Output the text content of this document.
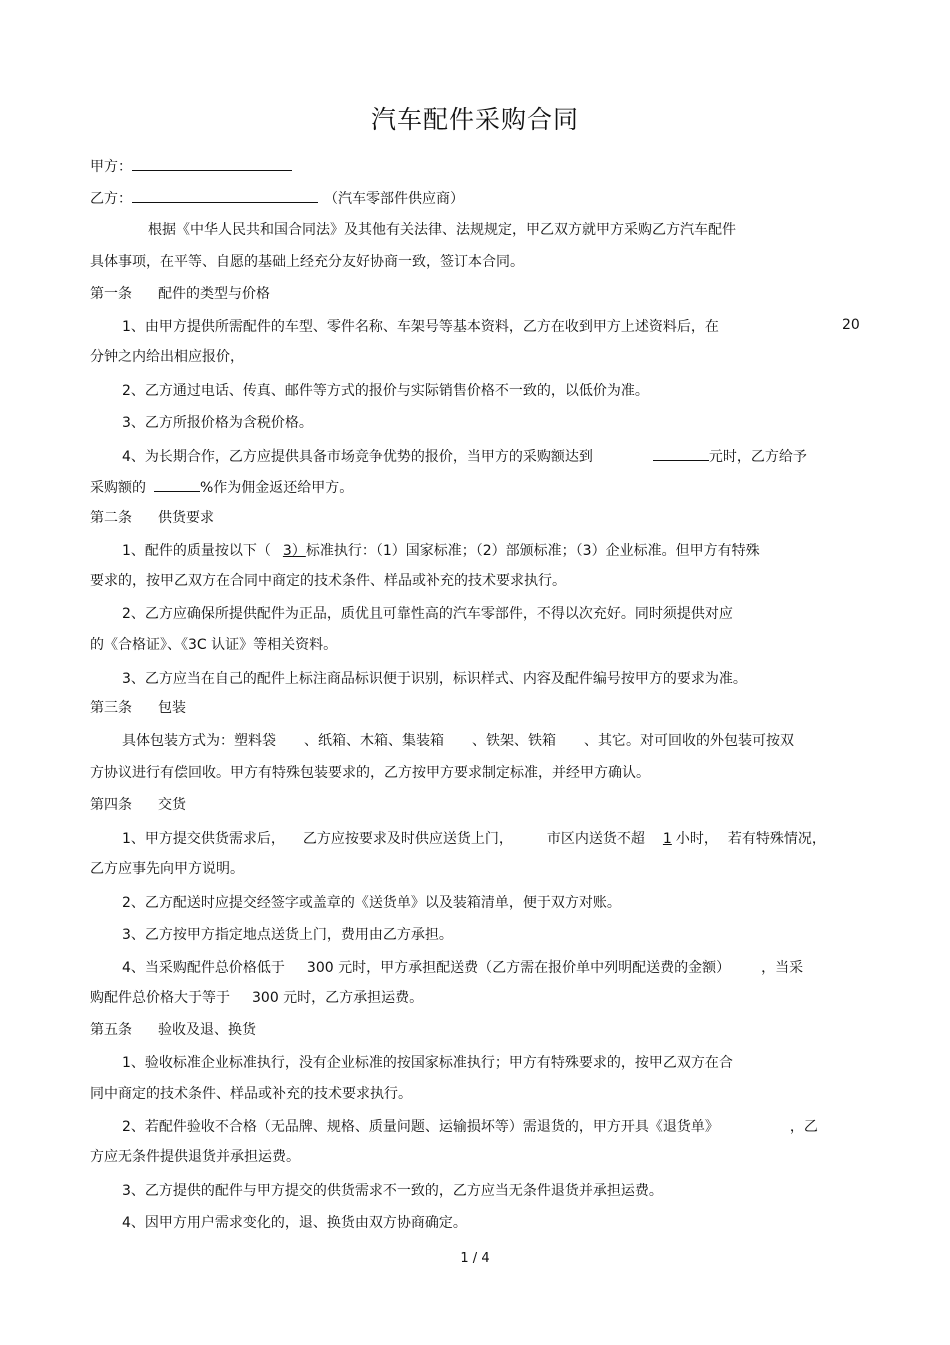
汽车配件采购合同
甲方：
乙方：	（汽车零部件供应商）
根据《中华人民共和国合同法》及其他有关法律、法规规定，甲乙双方就甲方采购乙方汽车配件
具体事项，在平等、自愿的基础上经充分友好协商一致，签订本合同。
第一条 配件的类型与价格
1、由甲方提供所需配件的车型、零件名称、车架号等基本资料，乙方在收到甲方上述资料后，在	20
分钟之内给出相应报价，
2、乙方通过电话、传真、邮件等方式的报价与实际销售价格不一致的，以低价为准。
3、乙方所报价格为含税价格。
4、为长期合作，乙方应提供具备市场竞争优势的报价，当甲方的采购额达到	元时，乙方给予
采购额的	%作为佣金返还给甲方。
第二条 供货要求
1、配件的质量按以下（ 3）标准执行：（1）国家标准；（2）部颁标准；（3）企业标准。但甲方有特殊
要求的，按甲乙双方在合同中商定的技术条件、样品或补充的技术要求执行。
2、乙方应确保所提供配件为正品，质优且可靠性高的汽车零部件，不得以次充好。同时须提供对应
的《合格证》、《3C 认证》等相关资料。
3、乙方应当在自己的配件上标注商品标识便于识别，标识样式、内容及配件编号按甲方的要求为准。
第三条 包装
具体包装方式为：塑料袋 、纸箱、木箱、集装箱 、铁架、铁箱 、其它。对可回收的外包装可按双
方协议进行有偿回收。甲方有特殊包装要求的，乙方按甲方要求制定标准，并经甲方确认。
第四条 交货
1、甲方提交供货需求后， 乙方应按要求及时供应送货上门， 市区内送货不超 1 小时， 若有特殊情况，
乙方应事先向甲方说明。
2、乙方配送时应提交经签字或盖章的《送货单》以及装箱清单，便于双方对账。
3、乙方按甲方指定地点送货上门，费用由乙方承担。
4、当采购配件总价格低于 300 元时，甲方承担配送费（乙方需在报价单中列明配送费的金额）	，当采
购配件总价格大于等于 300 元时，乙方承担运费。
第五条 验收及退、换货
1、验收标准企业标准执行，没有企业标准的按国家标准执行；甲方有特殊要求的，按甲乙双方在合
同中商定的技术条件、样品或补充的技术要求执行。
2、若配件验收不合格（无品牌、规格、质量问题、运输损坏等）需退货的，甲方开具《退货单》	，乙
方应无条件提供退货并承担运费。
3、乙方提供的配件与甲方提交的供货需求不一致的，乙方应当无条件退货并承担运费。
4、因甲方用户需求变化的，退、换货由双方协商确定。
1 / 4
